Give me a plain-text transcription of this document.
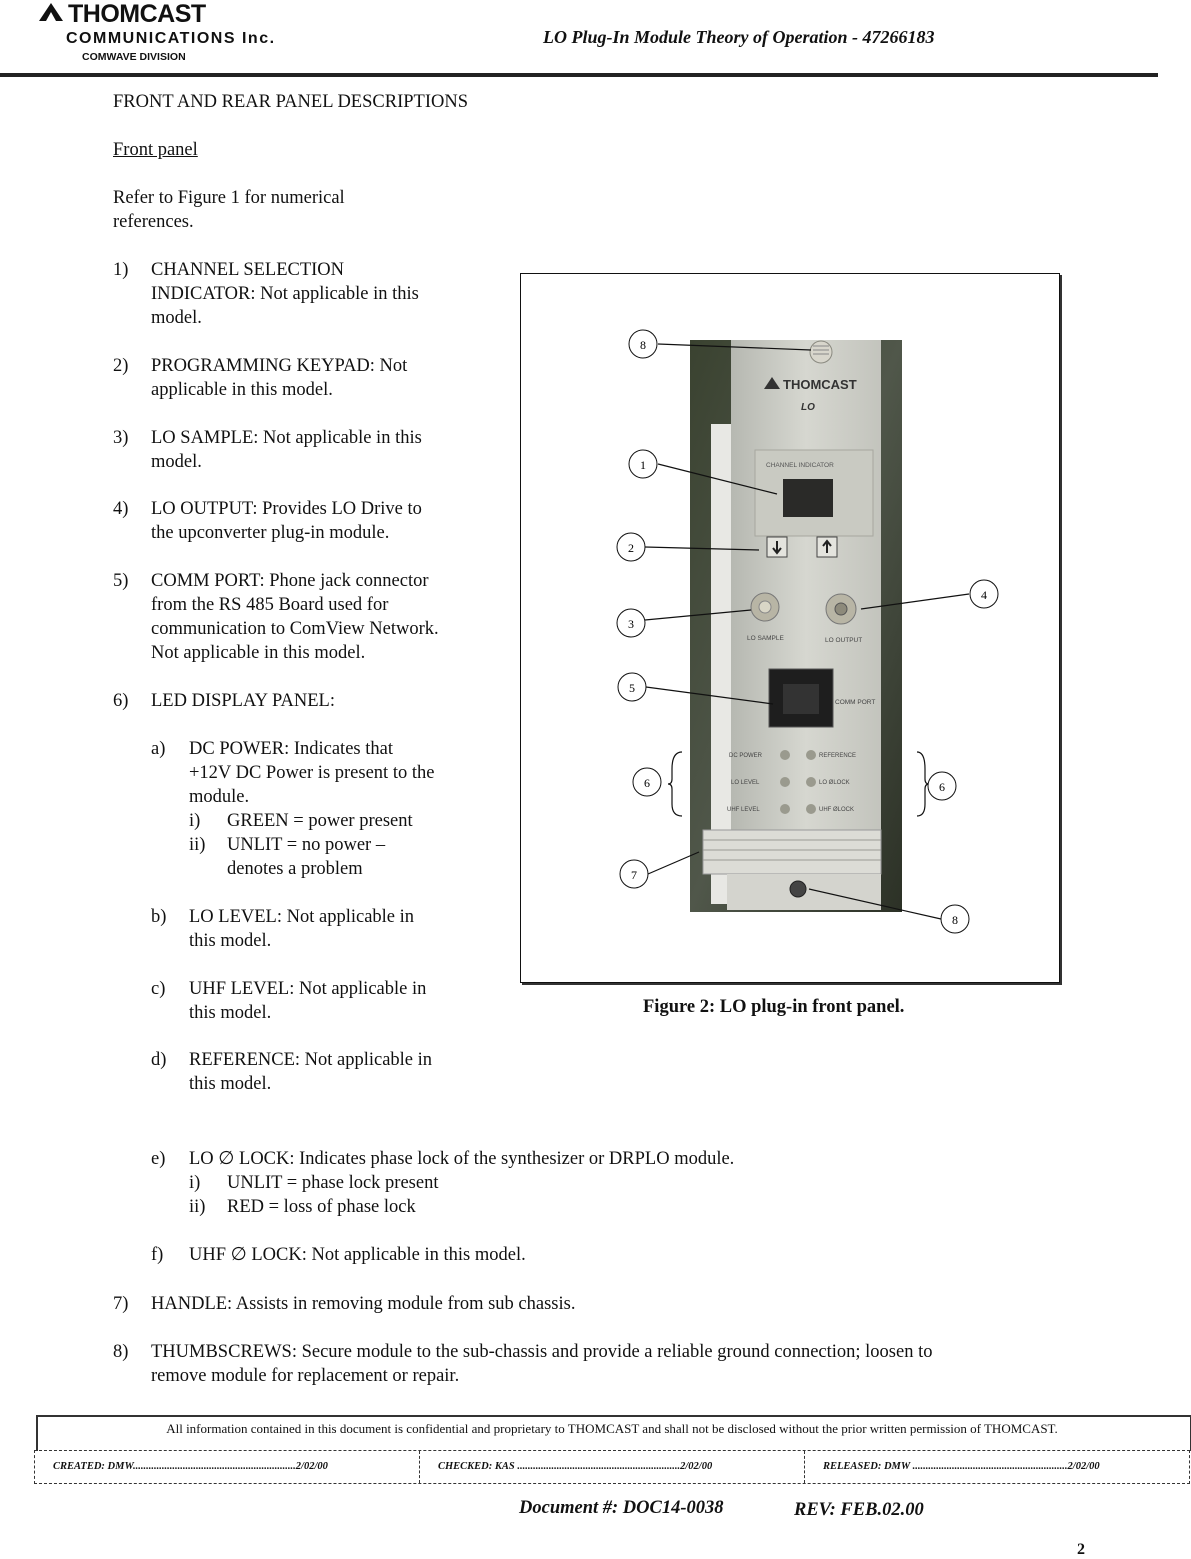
THOMCAST
COMMUNICATIONS Inc.
COMWAVE DIVISION
LO Plug-In Module Theory of Operation - 47266183
FRONT AND REAR PANEL DESCRIPTIONS
Front panel
Refer to Figure 1 for numerical
references.
1) CHANNEL SELECTION
INDICATOR: Not applicable in this
model.
2) PROGRAMMING KEYPAD: Not
applicable in this model.
3) LO SAMPLE: Not applicable in this
model.
4) LO OUTPUT: Provides LO Drive to
the upconverter plug-in module.
5) COMM PORT: Phone jack connector
from the RS 485 Board used for
communication to ComView Network.
Not applicable in this model.
6) LED DISPLAY PANEL:
a) DC POWER: Indicates that
+12V DC Power is present to the
module.
i) GREEN = power present
ii) UNLIT = no power –
denotes a problem
b) LO LEVEL: Not applicable in
this model.
c) UHF LEVEL: Not applicable in
this model.
d) REFERENCE: Not applicable in
this model.
e) LO ∅ LOCK: Indicates phase lock of the synthesizer or DRPLO module.
i) UNLIT = phase lock present
ii) RED = loss of phase lock
f) UHF ∅ LOCK: Not applicable in this model.
7) HANDLE: Assists in removing module from sub chassis.
8) THUMBSCREWS: Secure module to the sub-chassis and provide a reliable ground connection; loosen to
remove module for replacement or repair.
THOMCAST
LO
CHANNEL INDICATOR
LO SAMPLE	LO OUTPUT
COMM PORT
DC POWER	REFERENCE
LO LEVEL	LO ØLOCK
UHF LEVEL	UHF ØLOCK
8
1
2
3
4
5
6	6
7
8
Figure 2: LO plug-in front panel.
All information contained in this document is confidential and proprietary to THOMCAST and shall not be disclosed without the prior written permission of THOMCAST.
CREATED: DMW..............................................................2/02/00	CHECKED: KAS ..............................................................2/02/00	RELEASED: DMW ...........................................................2/02/00
Document #: DOC14-0038	REV: FEB.02.00
2
